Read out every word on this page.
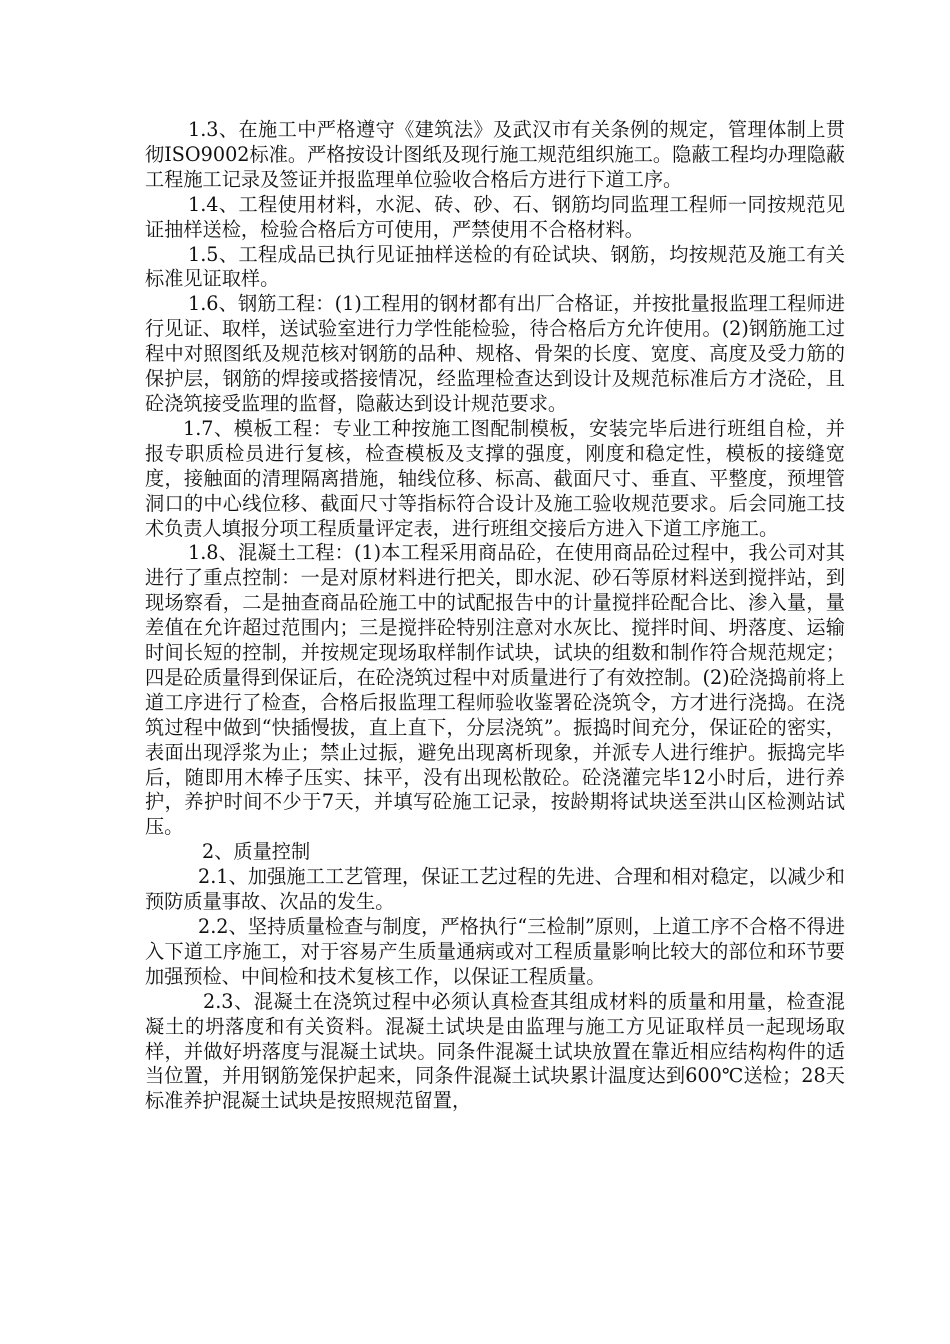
1.3、在施工中严格遵守《建筑法》及武汉市有关条例的规定，管理体制上贯彻ISO9002标准。严格按设计图纸及现行施工规范组织施工。隐蔽工程均办理隐蔽工程施工记录及签证并报监理单位验收合格后方进行下道工序。

1.4、工程使用材料，水泥、砖、砂、石、钢筋均同监理工程师一同按规范见证抽样送检，检验合格后方可使用，严禁使用不合格材料。

1.5、工程成品已执行见证抽样送检的有砼试块、钢筋，均按规范及施工有关标准见证取样。

1.6、钢筋工程：(1)工程用的钢材都有出厂合格证，并按批量报监理工程师进行见证、取样，送试验室进行力学性能检验，待合格后方允许使用。(2)钢筋施工过程中对照图纸及规范核对钢筋的品种、规格、骨架的长度、宽度、高度及受力筋的保护层，钢筋的焊接或搭接情况，经监理检查达到设计及规范标准后方才浇砼，且砼浇筑接受监理的监督，隐蔽达到设计规范要求。

1.7、模板工程：专业工种按施工图配制模板，安装完毕后进行班组自检，并报专职质检员进行复核，检查模板及支撑的强度，刚度和稳定性，模板的接缝宽度，接触面的清理隔离措施，轴线位移、标高、截面尺寸、垂直、平整度，预埋管洞口的中心线位移、截面尺寸等指标符合设计及施工验收规范要求。后会同施工技术负责人填报分项工程质量评定表，进行班组交接后方进入下道工序施工。

1.8、混凝土工程：(1)本工程采用商品砼，在使用商品砼过程中，我公司对其进行了重点控制：一是对原材料进行把关，即水泥、砂石等原材料送到搅拌站，到现场察看，二是抽查商品砼施工中的试配报告中的计量搅拌砼配合比、渗入量，量差值在允许超过范围内；三是搅拌砼特别注意对水灰比、搅拌时间、坍落度、运输时间长短的控制，并按规定现场取样制作试块，试块的组数和制作符合规范规定；四是砼质量得到保证后，在砼浇筑过程中对质量进行了有效控制。(2)砼浇捣前将上道工序进行了检查，合格后报监理工程师验收鉴署砼浇筑令，方才进行浇捣。在浇筑过程中做到“快插慢拔，直上直下，分层浇筑”。振捣时间充分，保证砼的密实，表面出现浮浆为止；禁止过振，避免出现离析现象，并派专人进行维护。振捣完毕后，随即用木棒子压实、抹平，没有出现松散砼。砼浇灌完毕12小时后，进行养护，养护时间不少于7天，并填写砼施工记录，按龄期将试块送至洪山区检测站试压。

2、质量控制

2.1、加强施工工艺管理，保证工艺过程的先进、合理和相对稳定，以减少和预防质量事故、次品的发生。

2.2、坚持质量检查与制度，严格执行“三检制”原则，上道工序不合格不得进入下道工序施工，对于容易产生质量通病或对工程质量影响比较大的部位和环节要加强预检、中间检和技术复核工作，以保证工程质量。

2.3、混凝土在浇筑过程中必须认真检查其组成材料的质量和用量，检查混凝土的坍落度和有关资料。混凝土试块是由监理与施工方见证取样员一起现场取样，并做好坍落度与混凝土试块。同条件混凝土试块放置在靠近相应结构构件的适当位置，并用钢筋笼保护起来，同条件混凝土试块累计温度达到600℃送检；28天标准养护混凝土试块是按照规范留置，
